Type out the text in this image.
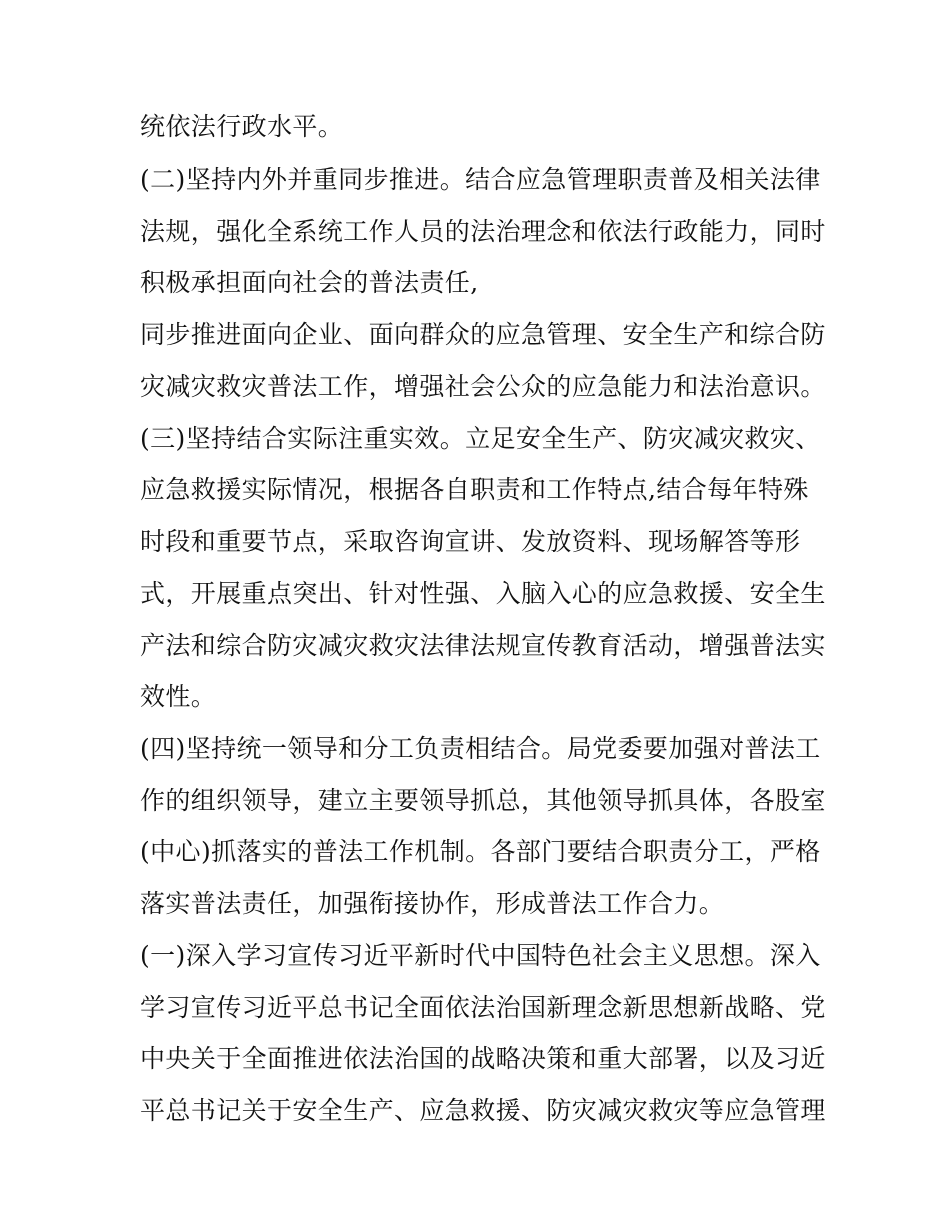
统依法行政水平。
(二)坚持内外并重同步推进。结合应急管理职责普及相关法律
法规，强化全系统工作人员的法治理念和依法行政能力，同时
积极承担面向社会的普法责任,
同步推进面向企业、面向群众的应急管理、安全生产和综合防
灾减灾救灾普法工作，增强社会公众的应急能力和法治意识。
(三)坚持结合实际注重实效。立足安全生产、防灾减灾救灾、
应急救援实际情况，根据各自职责和工作特点,结合每年特殊
时段和重要节点，采取咨询宣讲、发放资料、现场解答等形
式，开展重点突出、针对性强、入脑入心的应急救援、安全生
产法和综合防灾减灾救灾法律法规宣传教育活动，增强普法实
效性。
(四)坚持统一领导和分工负责相结合。局党委要加强对普法工
作的组织领导，建立主要领导抓总，其他领导抓具体，各股室
(中心)抓落实的普法工作机制。各部门要结合职责分工，严格
落实普法责任，加强衔接协作，形成普法工作合力。
(一)深入学习宣传习近平新时代中国特色社会主义思想。深入
学习宣传习近平总书记全面依法治国新理念新思想新战略、党
中央关于全面推进依法治国的战略决策和重大部署，以及习近
平总书记关于安全生产、应急救援、防灾减灾救灾等应急管理
